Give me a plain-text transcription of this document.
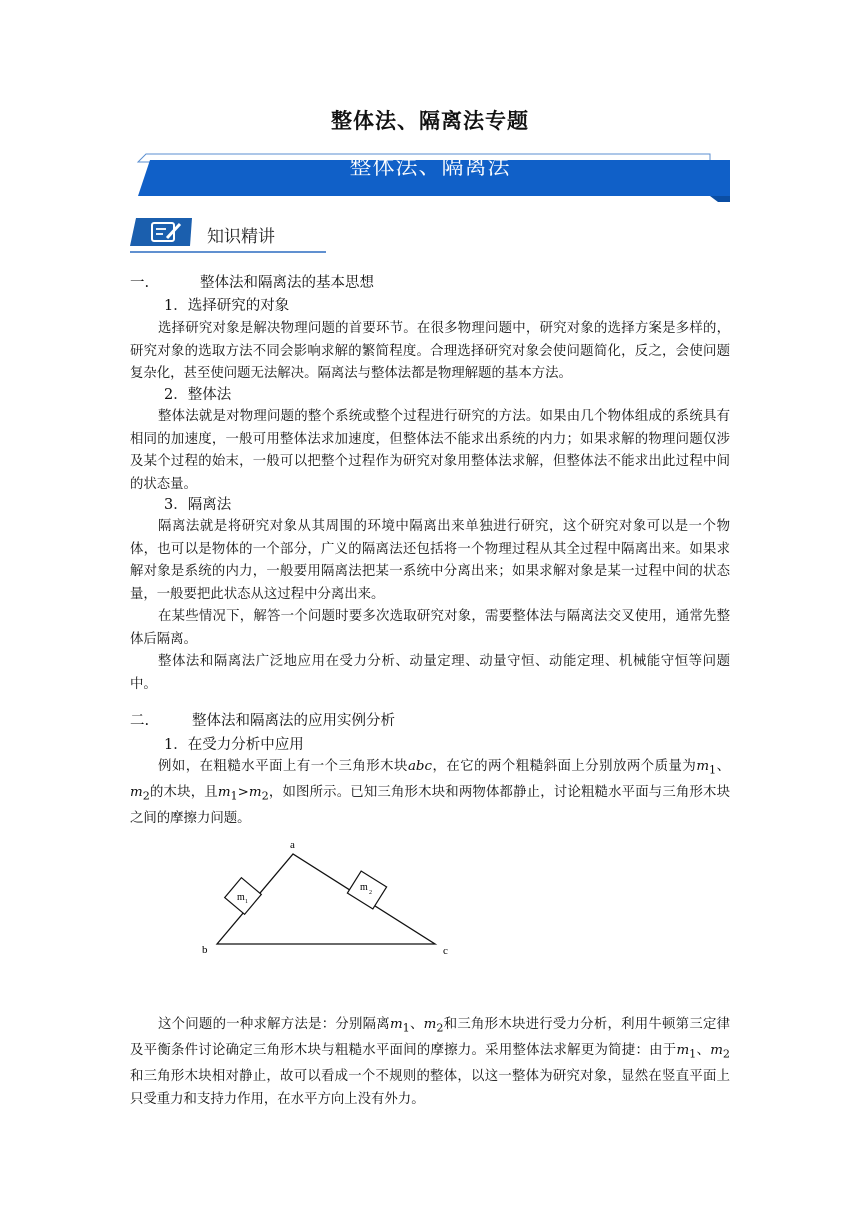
整体法、隔离法专题
整体法、隔离法
知识精讲
一.	整体法和隔离法的基本思想
1．选择研究的对象

选择研究对象是解决物理问题的首要环节。在很多物理问题中，研究对象的选择方案是多样的，研究对象的选取方法不同会影响求解的繁简程度。合理选择研究对象会使问题简化，反之，会使问题复杂化，甚至使问题无法解决。隔离法与整体法都是物理解题的基本方法。

2．整体法

整体法就是对物理问题的整个系统或整个过程进行研究的方法。如果由几个物体组成的系统具有相同的加速度，一般可用整体法求加速度，但整体法不能求出系统的内力；如果求解的物理问题仅涉及某个过程的始末，一般可以把整个过程作为研究对象用整体法求解，但整体法不能求出此过程中间的状态量。

3．隔离法

隔离法就是将研究对象从其周围的环境中隔离出来单独进行研究，这个研究对象可以是一个物体，也可以是物体的一个部分，广义的隔离法还包括将一个物理过程从其全过程中隔离出来。如果求解对象是系统的内力，一般要用隔离法把某一系统中分离出来；如果求解对象是某一过程中间的状态量，一般要把此状态从这过程中分离出来。

在某些情况下，解答一个问题时要多次选取研究对象，需要整体法与隔离法交叉使用，通常先整体后隔离。

整体法和隔离法广泛地应用在受力分析、动量定理、动量守恒、动能定理、机械能守恒等问题中。

二.	整体法和隔离法的应用实例分析
1．在受力分析中应用

例如，在粗糙水平面上有一个三角形木块abc，在它的两个粗糙斜面上分别放两个质量为$m_1$、$m_2$的木块，且$m_1>m_2$，如图所示。已知三角形木块和两物体都静止，讨论粗糙水平面与三角形木块之间的摩擦力问题。

a
b	c
m 1
m 2

这个问题的一种求解方法是：分别隔离$m_1$、$m_2$和三角形木块进行受力分析，利用牛顿第三定律及平衡条件讨论确定三角形木块与粗糙水平面间的摩擦力。采用整体法求解更为简捷：由于$m_1$、$m_2$和三角形木块相对静止，故可以看成一个不规则的整体，以这一整体为研究对象，显然在竖直平面上只受重力和支持力作用，在水平方向上没有外力。
